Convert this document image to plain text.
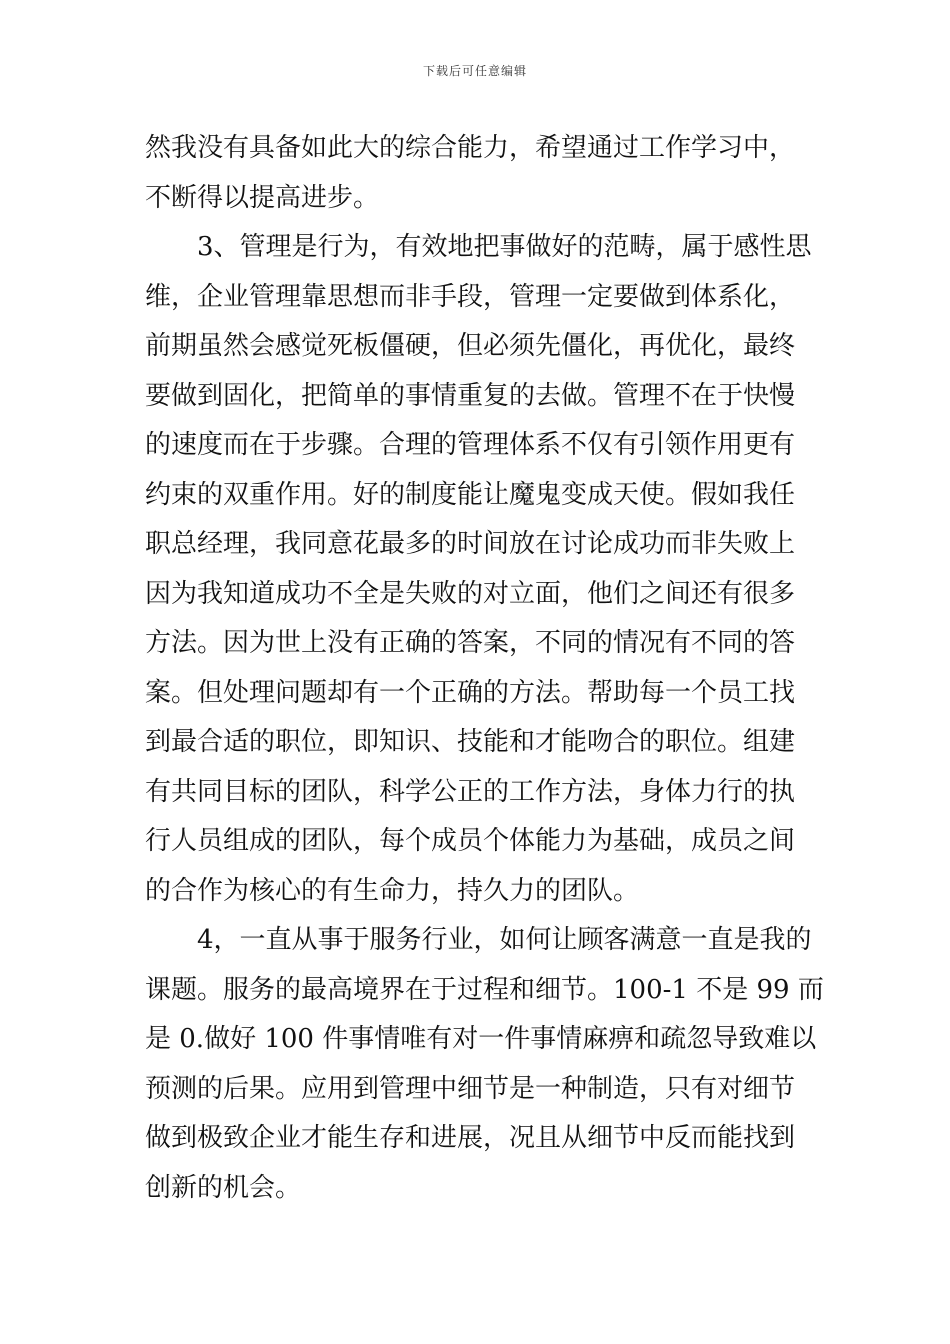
下载后可任意编辑
然我没有具备如此大的综合能力，希望通过工作学习中，
不断得以提高进步。
3、管理是行为，有效地把事做好的范畴，属于感性思
维，企业管理靠思想而非手段，管理一定要做到体系化，
前期虽然会感觉死板僵硬，但必须先僵化，再优化，最终
要做到固化，把简单的事情重复的去做。管理不在于快慢
的速度而在于步骤。合理的管理体系不仅有引领作用更有
约束的双重作用。好的制度能让魔鬼变成天使。假如我任
职总经理，我同意花最多的时间放在讨论成功而非失败上
因为我知道成功不全是失败的对立面，他们之间还有很多
方法。因为世上没有正确的答案，不同的情况有不同的答
案。但处理问题却有一个正确的方法。帮助每一个员工找
到最合适的职位，即知识、技能和才能吻合的职位。组建
有共同目标的团队，科学公正的工作方法，身体力行的执
行人员组成的团队，每个成员个体能力为基础，成员之间
的合作为核心的有生命力，持久力的团队。
4，一直从事于服务行业，如何让顾客满意一直是我的
课题。服务的最高境界在于过程和细节。100-1 不是 99 而
是 0.做好 100 件事情唯有对一件事情麻痹和疏忽导致难以
预测的后果。应用到管理中细节是一种制造，只有对细节
做到极致企业才能生存和进展，况且从细节中反而能找到
创新的机会。
